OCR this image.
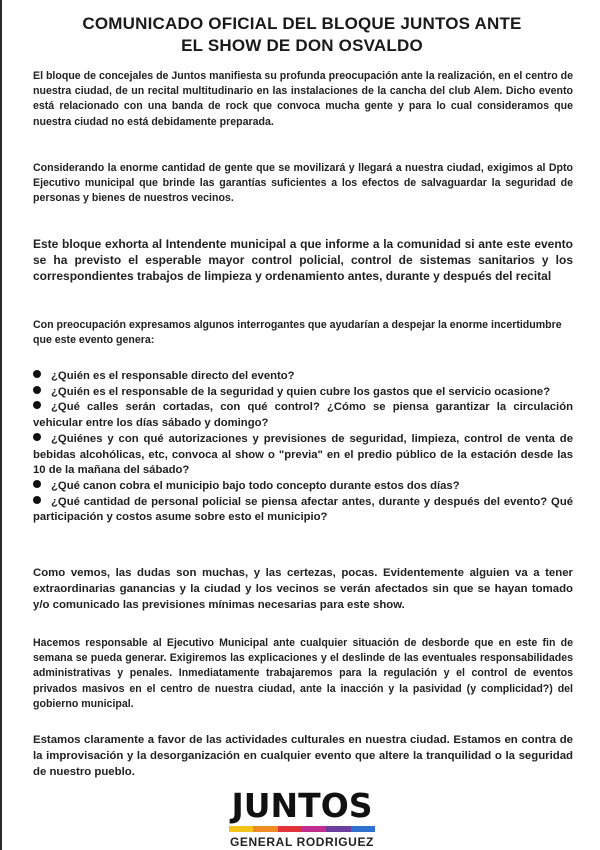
COMUNICADO OFICIAL DEL BLOQUE JUNTOS ANTE
EL SHOW DE DON OSVALDO

El bloque de concejales de Juntos manifiesta su profunda preocupación ante la realización, en el centro de nuestra ciudad, de un recital multitudinario en las instalaciones de la cancha del club Alem. Dicho evento está relacionado con una banda de rock que convoca mucha gente y para lo cual consideramos que nuestra ciudad no está debidamente preparada.

Considerando la enorme cantidad de gente que se movilizará y llegará a nuestra ciudad, exigimos al Dpto Ejecutivo municipal que brinde las garantías suficientes a los efectos de salvaguardar la seguridad de personas y bienes de nuestros vecinos.

Este bloque exhorta al Intendente municipal a que informe a la comunidad si ante este evento se ha previsto el esperable mayor control policial, control de sistemas sanitarios y los correspondientes trabajos de limpieza y ordenamiento antes, durante y después del recital

Con preocupación expresamos algunos interrogantes que ayudarían a despejar la enorme incertidumbre que este evento genera:

¿Quién es el responsable directo del evento?
¿Quién es el responsable de la seguridad y quien cubre los gastos que el servicio ocasione?
¿Qué calles serán cortadas, con qué control? ¿Cómo se piensa garantizar la circulación vehicular entre los días sábado y domingo?
¿Quiénes y con qué autorizaciones y previsiones de seguridad, limpieza, control de venta de bebidas alcohólicas, etc, convoca al show o "previa" en el predio público de la estación desde las 10 de la mañana del sábado?
¿Qué canon cobra el municipio bajo todo concepto durante estos dos días?
¿Qué cantidad de personal policial se piensa afectar antes, durante y después del evento? Qué participación y costos asume sobre esto el municipio?

Como vemos, las dudas son muchas, y las certezas, pocas. Evidentemente alguien va a tener extraordinarias ganancias y la ciudad y los vecinos se verán afectados sin que se hayan tomado y/o comunicado las previsiones mínimas necesarias para este show.

Hacemos responsable al Ejecutivo Municipal ante cualquier situación de desborde que en este fin de semana se pueda generar. Exigiremos las explicaciones y el deslinde de las eventuales responsabilidades administrativas y penales. Inmediatamente trabajaremos para la regulación y el control de eventos privados masivos en el centro de nuestra ciudad, ante la inacción y la pasividad (y complicidad?) del gobierno municipal.

Estamos claramente a favor de las actividades culturales en nuestra ciudad. Estamos en contra de la improvisación y la desorganización en cualquier evento que altere la tranquilidad o la seguridad de nuestro pueblo.

JUNTOS
GENERAL RODRIGUEZ
